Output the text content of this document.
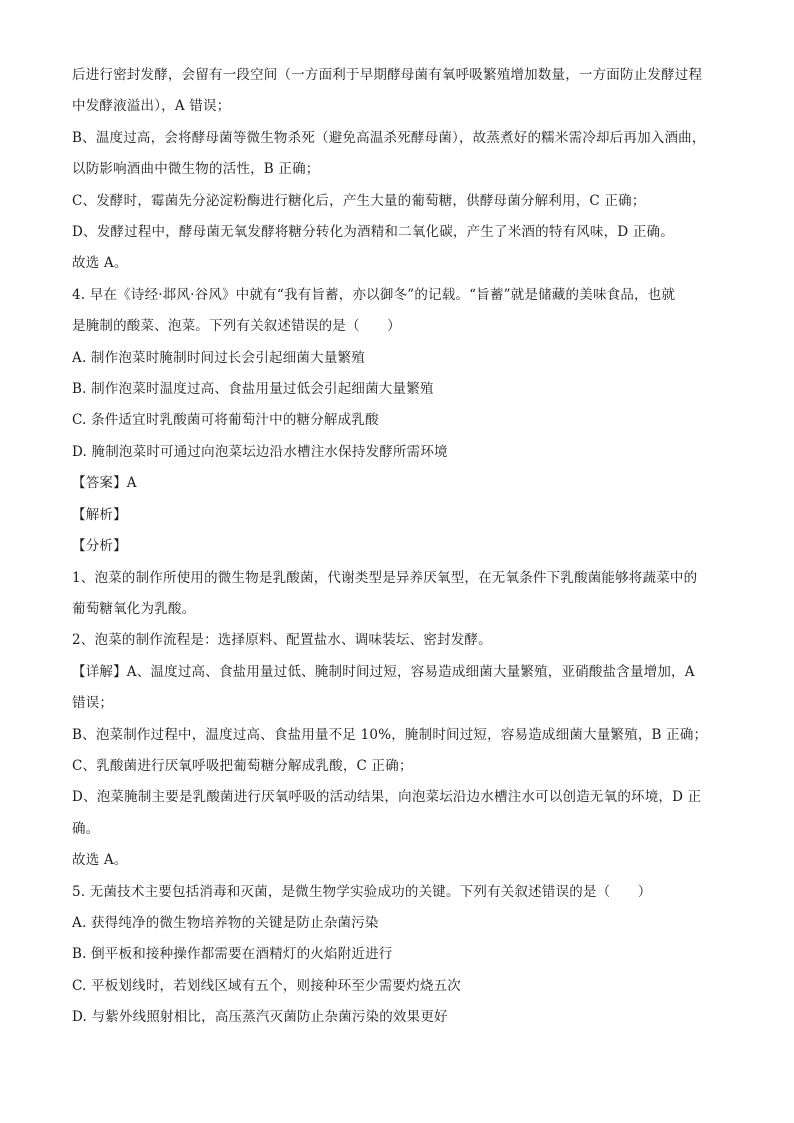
后进行密封发酵，会留有一段空间（一方面利于早期酵母菌有氧呼吸繁殖增加数量，一方面防止发酵过程
中发酵液溢出），A 错误；
B、温度过高，会将酵母菌等微生物杀死（避免高温杀死酵母菌），故蒸煮好的糯米需冷却后再加入酒曲，
以防影响酒曲中微生物的活性，B 正确；
C、发酵时，霉菌先分泌淀粉酶进行糖化后，产生大量的葡萄糖，供酵母菌分解利用，C 正确；
D、发酵过程中，酵母菌无氧发酵将糖分转化为酒精和二氧化碳，产生了米酒的特有风味，D 正确。
故选 A。
4. 早在《诗经·邶风·谷风》中就有“我有旨蓄，亦以御冬”的记载。“旨蓄”就是储藏的美味食品，也就
是腌制的酸菜、泡菜。下列有关叙述错误的是（　　）
A. 制作泡菜时腌制时间过长会引起细菌大量繁殖
B. 制作泡菜时温度过高、食盐用量过低会引起细菌大量繁殖
C. 条件适宜时乳酸菌可将葡萄汁中的糖分解成乳酸
D. 腌制泡菜时可通过向泡菜坛边沿水槽注水保持发酵所需环境
【答案】A
【解析】
【分析】
1、泡菜的制作所使用的微生物是乳酸菌，代谢类型是异养厌氧型，在无氧条件下乳酸菌能够将蔬菜中的
葡萄糖氧化为乳酸。
2、泡菜的制作流程是：选择原料、配置盐水、调味装坛、密封发酵。
【详解】A、温度过高、食盐用量过低、腌制时间过短，容易造成细菌大量繁殖，亚硝酸盐含量增加，A
错误；
B、泡菜制作过程中，温度过高、食盐用量不足 10%，腌制时间过短，容易造成细菌大量繁殖，B 正确；
C、乳酸菌进行厌氧呼吸把葡萄糖分解成乳酸，C 正确；
D、泡菜腌制主要是乳酸菌进行厌氧呼吸的活动结果，向泡菜坛沿边水槽注水可以创造无氧的环境，D 正
确。
故选 A。
5. 无菌技术主要包括消毒和灭菌，是微生物学实验成功的关键。下列有关叙述错误的是（　　）
A. 获得纯净的微生物培养物的关键是防止杂菌污染
B. 倒平板和接种操作都需要在酒精灯的火焰附近进行
C. 平板划线时，若划线区域有五个，则接种环至少需要灼烧五次
D. 与紫外线照射相比，高压蒸汽灭菌防止杂菌污染的效果更好
